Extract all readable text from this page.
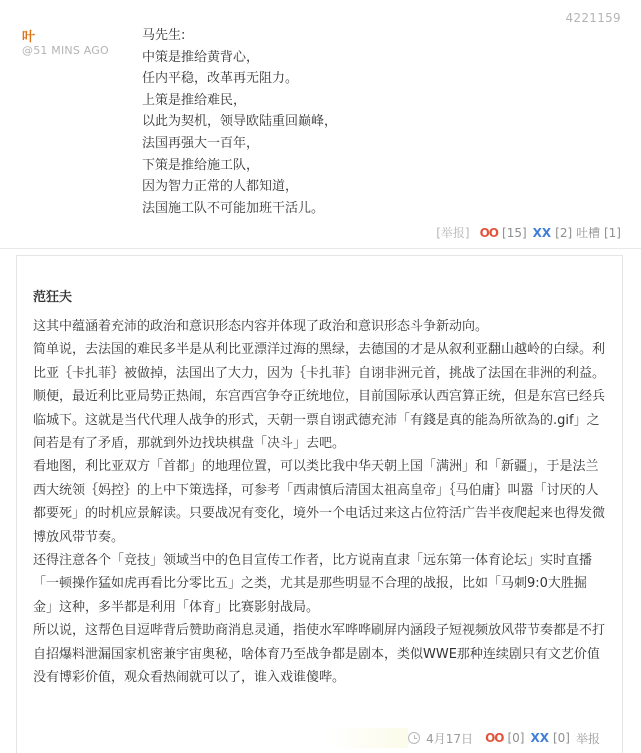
4221159
叶
@51 MINS AGO
马先生:
中策是推给黄背心，
任内平稳，改革再无阻力。
上策是推给难民，
以此为契机，领导欧陆重回巅峰，
法国再强大一百年，
下策是推给施工队，
因为智力正常的人都知道，
法国施工队不可能加班干活儿。
[举报] OO [15] XX [2] 吐槽 [1]
范狂夫

这其中蕴涵着充沛的政治和意识形态内容并体现了政治和意识形态斗争新动向。

简单说，去法国的难民多半是从利比亚漂洋过海的黑绿，去德国的才是从叙利亚翻山越岭的白绿。利比亚｛卡扎菲｝被做掉，法国出了大力，因为｛卡扎菲｝自诩非洲元首，挑战了法国在非洲的利益。

顺便，最近利比亚局势正热闹，东宫西宫争夺正统地位，目前国际承认西宫算正统，但是东宫已经兵临城下。这就是当代代理人战争的形式，天朝一票自诩武德充沛「有錢是真的能為所欲為的.gif」之间若是有了矛盾，那就到外边找块棋盘「决斗」去吧。

看地图，利比亚双方「首都」的地理位置，可以类比我中华天朝上国「满洲」和「新疆」，于是法兰西大统领｛妈控｝的上中下策选择，可参考「西肃慎后清国太祖高皇帝」｛马伯庸｝叫嚣「讨厌的人都要死」的时机应景解读。只要战况有变化，境外一个电话过来这占位符活广告半夜爬起来也得发微博放风带节奏。

还得注意各个「竞技」领域当中的色目宣传工作者，比方说南直隶「远东第一体育论坛」实时直播「一顿操作猛如虎再看比分零比五」之类，尤其是那些明显不合理的战报，比如「马刺9:0大胜掘金」这种，多半都是利用「体育」比赛影射战局。

所以说，这帮色目逗哔背后赞助商消息灵通，指使水军哗哗刷屏内涵段子短视频放风带节奏都是不打自招爆料泄漏国家机密兼宇宙奥秘，啥体育乃至战争都是剧本，类似WWE那种连续剧只有文艺价值没有博彩价值，观众看热闹就可以了，谁入戏谁傻哔。

4月17日 OO [0] XX [0] 举报
